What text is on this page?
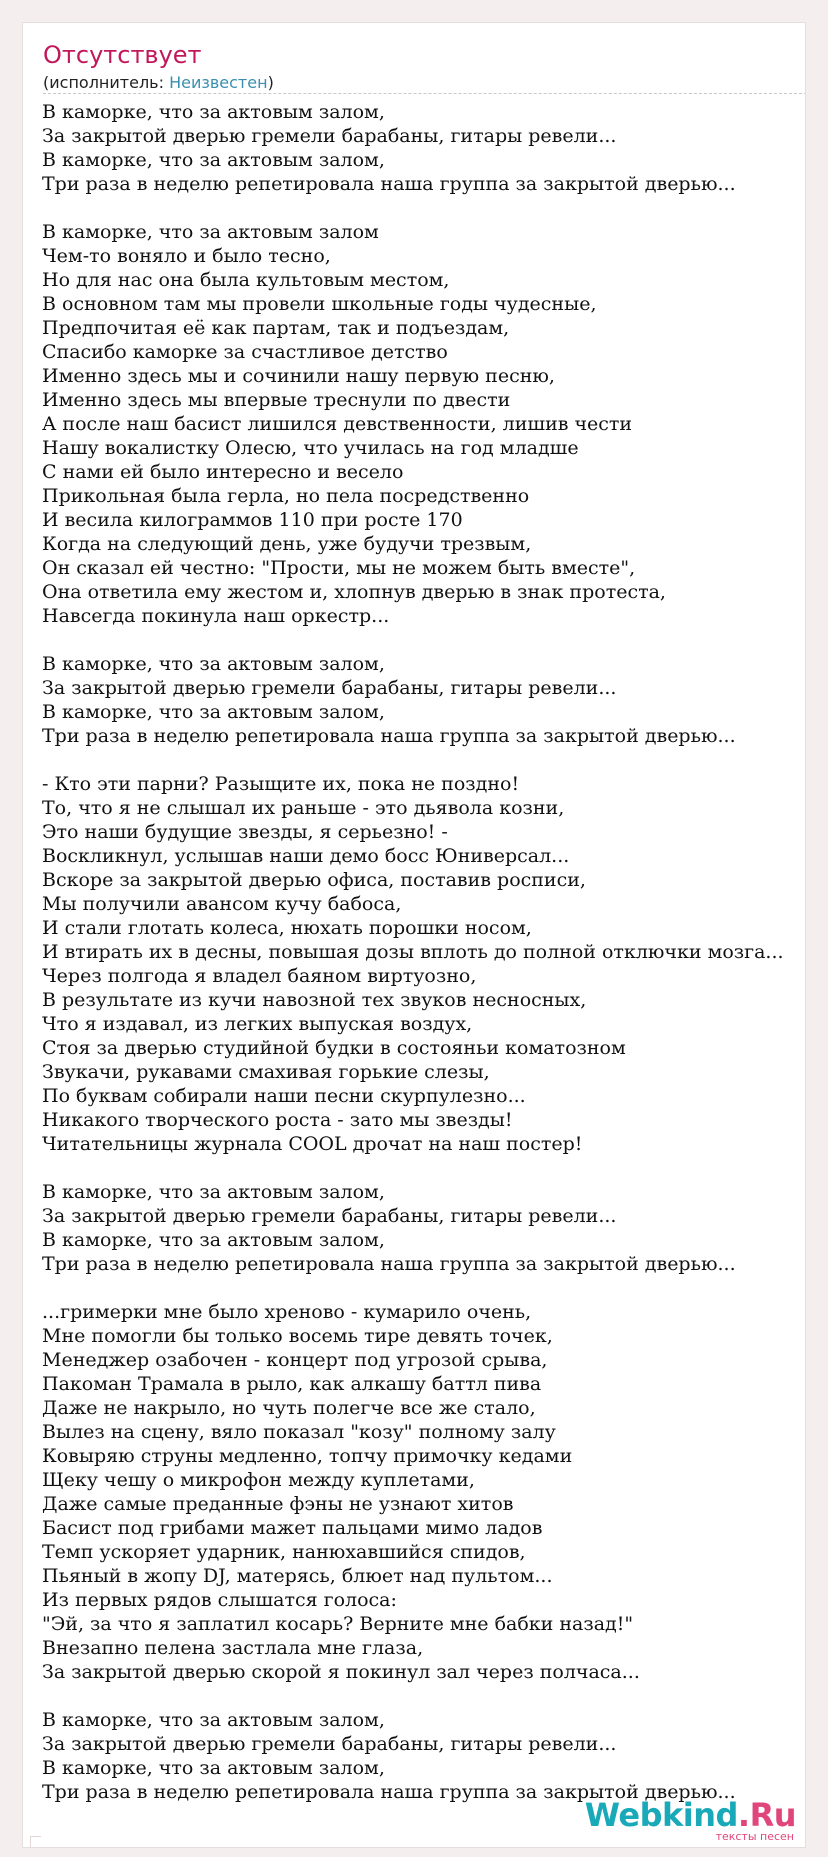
Отсутствует
(исполнитель: Неизвестен)
В каморке, что за актовым залом,
За закрытой дверью гремели барабаны, гитары ревели...
В каморке, что за актовым залом,
Три раза в неделю репетировала наша группа за закрытой дверью...

В каморке, что за актовым залом
Чем-то воняло и было тесно,
Но для нас она была культовым местом,
В основном там мы провели школьные годы чудесные,
Предпочитая её как партам, так и подъездам,
Спасибо каморке за счастливое детство
Именно здесь мы и сочинили нашу первую песню,
Именно здесь мы впервые треснули по двести
А после наш басист лишился девственности, лишив чести
Нашу вокалистку Олесю, что училась на год младше
С нами ей было интересно и весело
Прикольная была герла, но пела посредственно
И весила килограммов 110 при росте 170
Когда на следующий день, уже будучи трезвым,
Он сказал ей честно: "Прости, мы не можем быть вместе",
Она ответила ему жестом и, хлопнув дверью в знак протеста,
Навсегда покинула наш оркестр...

В каморке, что за актовым залом,
За закрытой дверью гремели барабаны, гитары ревели...
В каморке, что за актовым залом,
Три раза в неделю репетировала наша группа за закрытой дверью...

- Кто эти парни? Разыщите их, пока не поздно!
То, что я не слышал их раньше - это дьявола козни,
Это наши будущие звезды, я серьезно! -
Воскликнул, услышав наши демо босс Юниверсал...
Вскоре за закрытой дверью офиса, поставив росписи,
Мы получили авансом кучу бабоса,
И стали глотать колеса, нюхать порошки носом,
И втирать их в десны, повышая дозы вплоть до полной отключки мозга...
Через полгода я владел баяном виртуозно,
В результате из кучи навозной тех звуков несносных,
Что я издавал, из легких выпуская воздух,
Стоя за дверью студийной будки в состояньи коматозном
Звукачи, рукавами смахивая горькие слезы,
По буквам собирали наши песни скурпулезно...
Никакого творческого роста - зато мы звезды!
Читательницы журнала COOL дрочат на наш постер!

В каморке, что за актовым залом,
За закрытой дверью гремели барабаны, гитары ревели...
В каморке, что за актовым залом,
Три раза в неделю репетировала наша группа за закрытой дверью...

...гримерки мне было хреново - кумарило очень,
Мне помогли бы только восемь тире девять точек,
Менеджер озабочен - концерт под угрозой срыва,
Пакоман Трамала в рыло, как алкашу баттл пива
Даже не накрыло, но чуть полегче все же стало,
Вылез на сцену, вяло показал "козу" полному залу
Ковыряю струны медленно, топчу примочку кедами
Щеку чешу о микрофон между куплетами,
Даже самые преданные фэны не узнают хитов
Басист под грибами мажет пальцами мимо ладов
Темп ускоряет ударник, нанюхавшийся спидов,
Пьяный в жопу DJ, матерясь, блюет над пультом...
Из первых рядов слышатся голоса:
"Эй, за что я заплатил косарь? Верните мне бабки назад!"
Внезапно пелена застлала мне глаза,
За закрытой дверью скорой я покинул зал через полчаса...

В каморке, что за актовым залом,
За закрытой дверью гремели барабаны, гитары ревели...
В каморке, что за актовым залом,
Три раза в неделю репетировала наша группа за закрытой дверью...
Webkind.Ru
тексты песен
